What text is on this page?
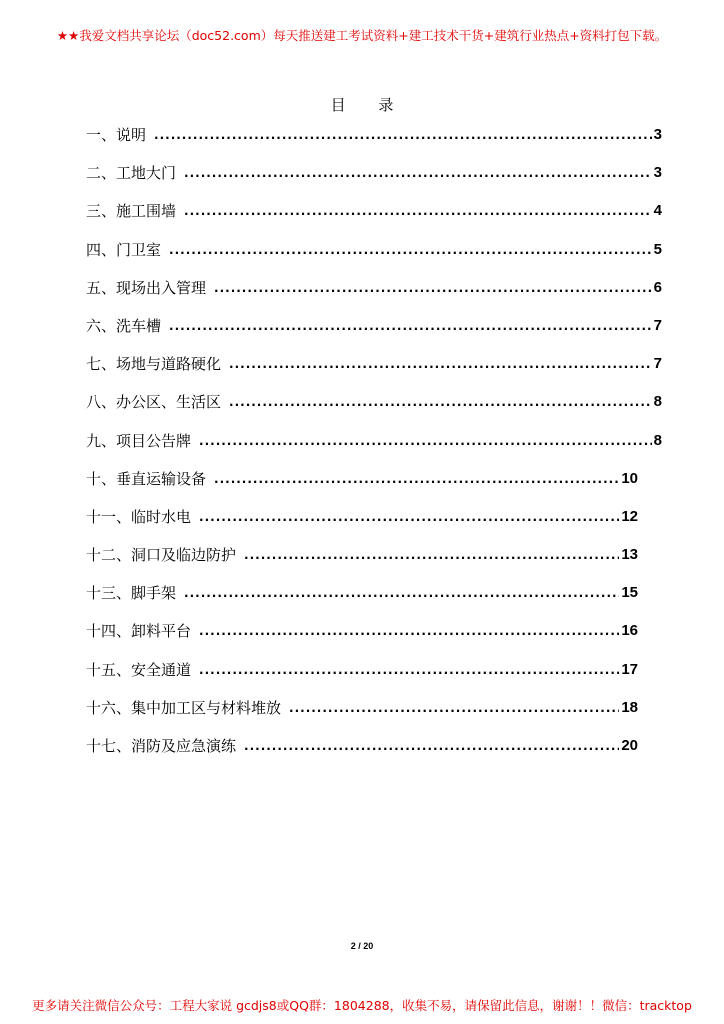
★★我爱文档共享论坛（doc52.com）每天推送建工考试资料+建工技术干货+建筑行业热点+资料打包下载。
目 录
一、说明 .....	3
二、工地大门 .....	3
三、施工围墙 .....	4
四、门卫室 .....	5
五、现场出入管理 .....	6
六、洗车槽 .....	7
七、场地与道路硬化 .....	7
八、办公区、生活区 .....	8
九、项目公告牌 .....	8
十、垂直运输设备 .....	10
十一、临时水电 .....	12
十二、洞口及临边防护 .....	13
十三、脚手架 .....	15
十四、卸料平台 .....	16
十五、安全通道 .....	17
十六、集中加工区与材料堆放 .....	18
十七、消防及应急演练 .....	20
2 / 20
更多请关注微信公众号：工程大家说 gcdjs8或QQ群：1804288，收集不易，请保留此信息，谢谢！！微信：tracktop
